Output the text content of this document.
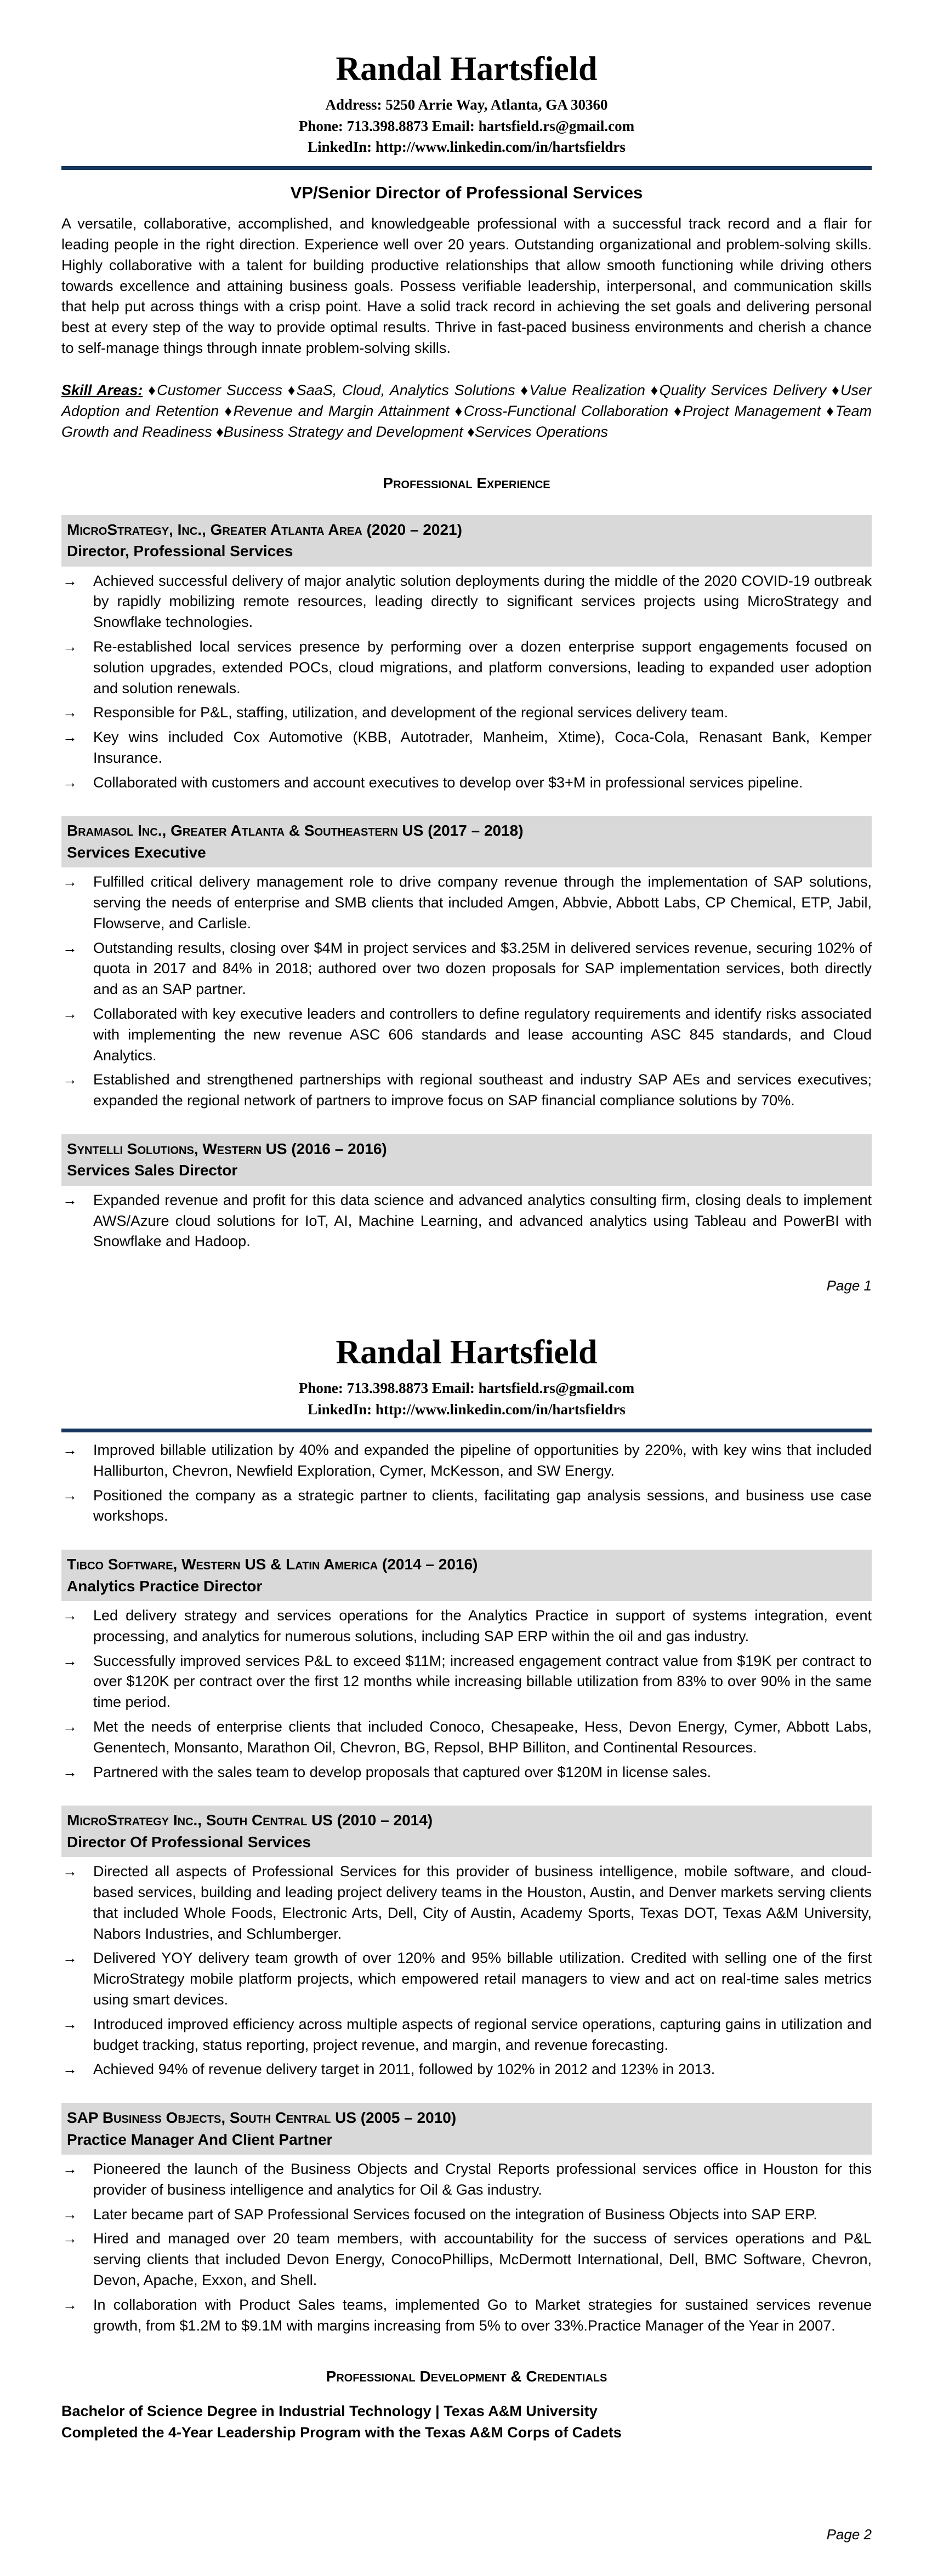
Randal Hartsfield
Address: 5250 Arrie Way, Atlanta, GA 30360
Phone: 713.398.8873 Email: hartsfield.rs@gmail.com
LinkedIn: http://www.linkedin.com/in/hartsfieldrs
VP/Senior Director of Professional Services

A versatile, collaborative, accomplished, and knowledgeable professional with a successful track record and a flair for leading people in the right direction. Experience well over 20 years. Outstanding organizational and problem-solving skills. Highly collaborative with a talent for building productive relationships that allow smooth functioning while driving others towards excellence and attaining business goals. Possess verifiable leadership, interpersonal, and communication skills that help put across things with a crisp point. Have a solid track record in achieving the set goals and delivering personal best at every step of the way to provide optimal results. Thrive in fast-paced business environments and cherish a chance to self-manage things through innate problem-solving skills.

Skill Areas: ♦Customer Success ♦SaaS, Cloud, Analytics Solutions ♦Value Realization ♦Quality Services Delivery ♦User Adoption and Retention ♦Revenue and Margin Attainment ♦Cross-Functional Collaboration ♦Project Management ♦Team Growth and Readiness ♦Business Strategy and Development ♦Services Operations

Professional Experience
MicroStrategy, Inc., Greater Atlanta Area (2020 – 2021)
Director, Professional Services
→ Achieved successful delivery of major analytic solution deployments during the middle of the 2020 COVID-19 outbreak by rapidly mobilizing remote resources, leading directly to significant services projects using MicroStrategy and Snowflake technologies.
→ Re-established local services presence by performing over a dozen enterprise support engagements focused on solution upgrades, extended POCs, cloud migrations, and platform conversions, leading to expanded user adoption and solution renewals.
→ Responsible for P&L, staffing, utilization, and development of the regional services delivery team.
→ Key wins included Cox Automotive (KBB, Autotrader, Manheim, Xtime), Coca-Cola, Renasant Bank, Kemper Insurance.
→ Collaborated with customers and account executives to develop over $3+M in professional services pipeline.
Bramasol Inc., Greater Atlanta & Southeastern US (2017 – 2018)
Services Executive
→ Fulfilled critical delivery management role to drive company revenue through the implementation of SAP solutions, serving the needs of enterprise and SMB clients that included Amgen, Abbvie, Abbott Labs, CP Chemical, ETP, Jabil, Flowserve, and Carlisle.
→ Outstanding results, closing over $4M in project services and $3.25M in delivered services revenue, securing 102% of quota in 2017 and 84% in 2018; authored over two dozen proposals for SAP implementation services, both directly and as an SAP partner.
→ Collaborated with key executive leaders and controllers to define regulatory requirements and identify risks associated with implementing the new revenue ASC 606 standards and lease accounting ASC 845 standards, and Cloud Analytics.
→ Established and strengthened partnerships with regional southeast and industry SAP AEs and services executives; expanded the regional network of partners to improve focus on SAP financial compliance solutions by 70%.
Syntelli Solutions, Western US (2016 – 2016)
Services Sales Director
→ Expanded revenue and profit for this data science and advanced analytics consulting firm, closing deals to implement AWS/Azure cloud solutions for IoT, AI, Machine Learning, and advanced analytics using Tableau and PowerBI with Snowflake and Hadoop.
Page 1
Randal Hartsfield
Phone: 713.398.8873 Email: hartsfield.rs@gmail.com
LinkedIn: http://www.linkedin.com/in/hartsfieldrs
→ Improved billable utilization by 40% and expanded the pipeline of opportunities by 220%, with key wins that included Halliburton, Chevron, Newfield Exploration, Cymer, McKesson, and SW Energy.
→ Positioned the company as a strategic partner to clients, facilitating gap analysis sessions, and business use case workshops.
Tibco Software, Western US & Latin America (2014 – 2016)
Analytics Practice Director
→ Led delivery strategy and services operations for the Analytics Practice in support of systems integration, event processing, and analytics for numerous solutions, including SAP ERP within the oil and gas industry.
→ Successfully improved services P&L to exceed $11M; increased engagement contract value from $19K per contract to over $120K per contract over the first 12 months while increasing billable utilization from 83% to over 90% in the same time period.
→ Met the needs of enterprise clients that included Conoco, Chesapeake, Hess, Devon Energy, Cymer, Abbott Labs, Genentech, Monsanto, Marathon Oil, Chevron, BG, Repsol, BHP Billiton, and Continental Resources.
→ Partnered with the sales team to develop proposals that captured over $120M in license sales.
MicroStrategy Inc., South Central US (2010 – 2014)
Director Of Professional Services
→ Directed all aspects of Professional Services for this provider of business intelligence, mobile software, and cloud-based services, building and leading project delivery teams in the Houston, Austin, and Denver markets serving clients that included Whole Foods, Electronic Arts, Dell, City of Austin, Academy Sports, Texas DOT, Texas A&M University, Nabors Industries, and Schlumberger.
→ Delivered YOY delivery team growth of over 120% and 95% billable utilization. Credited with selling one of the first MicroStrategy mobile platform projects, which empowered retail managers to view and act on real-time sales metrics using smart devices.
→ Introduced improved efficiency across multiple aspects of regional service operations, capturing gains in utilization and budget tracking, status reporting, project revenue, and margin, and revenue forecasting.
→ Achieved 94% of revenue delivery target in 2011, followed by 102% in 2012 and 123% in 2013.
SAP Business Objects, South Central US (2005 – 2010)
Practice Manager And Client Partner
→ Pioneered the launch of the Business Objects and Crystal Reports professional services office in Houston for this provider of business intelligence and analytics for Oil & Gas industry.
→ Later became part of SAP Professional Services focused on the integration of Business Objects into SAP ERP.
→ Hired and managed over 20 team members, with accountability for the success of services operations and P&L serving clients that included Devon Energy, ConocoPhillips, McDermott International, Dell, BMC Software, Chevron, Devon, Apache, Exxon, and Shell.
→ In collaboration with Product Sales teams, implemented Go to Market strategies for sustained services revenue growth, from $1.2M to $9.1M with margins increasing from 5% to over 33%.Practice Manager of the Year in 2007.
Professional Development & Credentials
Bachelor of Science Degree in Industrial Technology | Texas A&M University
Completed the 4-Year Leadership Program with the Texas A&M Corps of Cadets
Page 2
